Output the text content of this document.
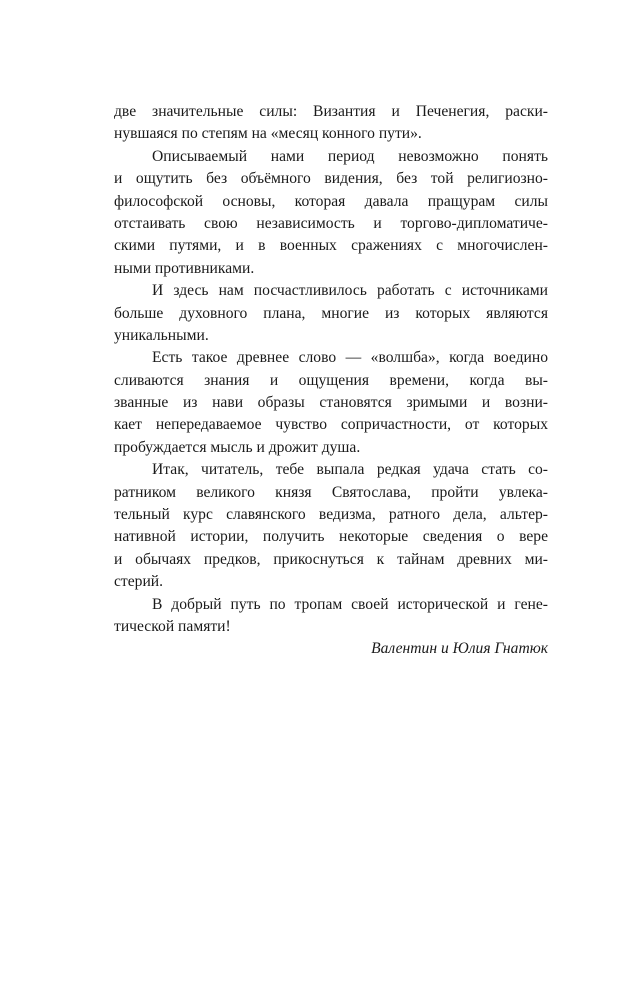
две значительные силы: Византия и Печенегия, раски-
нувшаяся по степям на «месяц конного пути».
Описываемый нами период невозможно понять
и ощутить без объёмного видения, без той религиозно-
философской основы, которая давала пращурам силы
отстаивать свою независимость и торгово-дипломатиче-
скими путями, и в военных сражениях с многочислен-
ными противниками.
И здесь нам посчастливилось работать с источниками
больше духовного плана, многие из которых являются
уникальными.
Есть такое древнее слово — «волшба», когда воедино
сливаются знания и ощущения времени, когда вы-
званные из нави образы становятся зримыми и возни-
кает непередаваемое чувство сопричастности, от которых
пробуждается мысль и дрожит душа.
Итак, читатель, тебе выпала редкая удача стать со-
ратником великого князя Святослава, пройти увлека-
тельный курс славянского ведизма, ратного дела, альтер-
нативной истории, получить некоторые сведения о вере
и обычаях предков, прикоснуться к тайнам древних ми-
стерий.
В добрый путь по тропам своей исторической и гене-
тической памяти!
Валентин и Юлия Гнатюк
